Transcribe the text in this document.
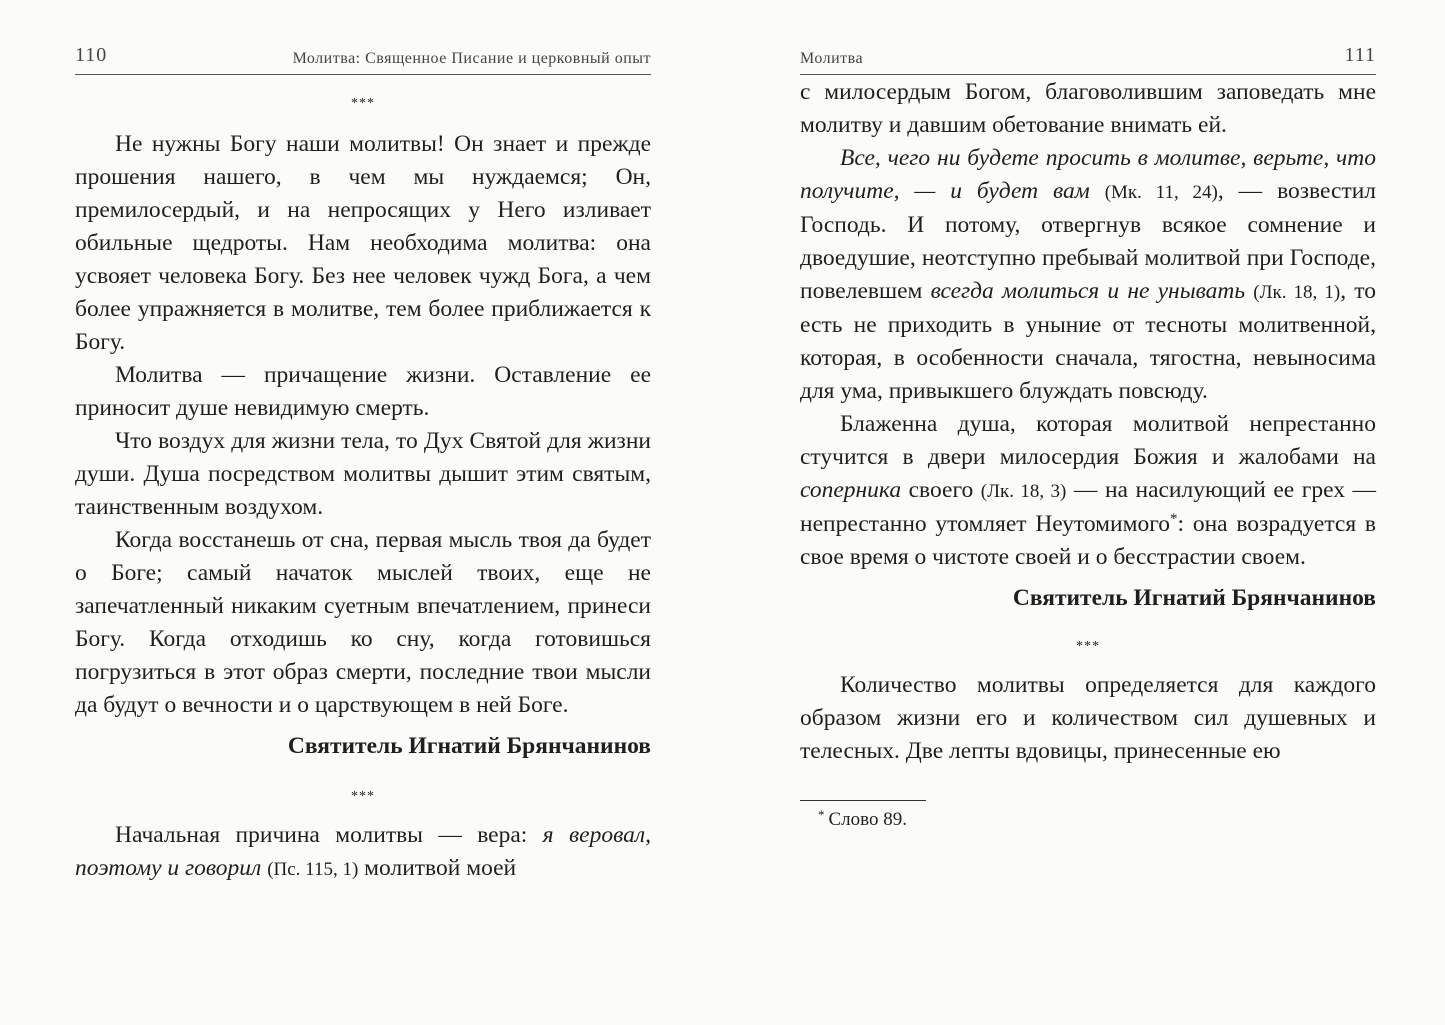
110	Молитва: Священное Писание и церковный опыт
***

Не нужны Богу наши молитвы! Он знает и прежде прошения нашего, в чем мы нуждаемся; Он, премилосердый, и на непросящих у Него изливает обильные щедроты. Нам необходима молитва: она усвояет человека Богу. Без нее человек чужд Бога, а чем более упражняется в молитве, тем более приближается к Богу.

Молитва — причащение жизни. Оставление ее приносит душе невидимую смерть.

Что воздух для жизни тела, то Дух Святой для жизни души. Душа посредством молитвы дышит этим святым, таинственным воздухом.

Когда восстанешь от сна, первая мысль твоя да будет о Боге; самый начаток мыслей твоих, еще не запечатленный никаким суетным впечатлением, принеси Богу. Когда отходишь ко сну, когда готовишься погрузиться в этот образ смерти, последние твои мысли да будут о вечности и о царствующем в ней Боге.

Святитель Игнатий Брянчанинов
***

Начальная причина молитвы — вера: я веровал, поэтому и говорил (Пс. 115, 1) молитвой моей

Молитва	111

с милосердым Богом, благоволившим заповедать мне молитву и давшим обетование внимать ей.

Все, чего ни будете просить в молитве, верьте, что получите, — и будет вам (Мк. 11, 24), — возвестил Господь. И потому, отвергнув всякое сомнение и двоедушие, неотступно пребывай молитвой при Господе, повелевшем всегда молиться и не унывать (Лк. 18, 1), то есть не приходить в уныние от тесноты молитвенной, которая, в особенности сначала, тягостна, невыносима для ума, привыкшего блуждать повсюду.

Блаженна душа, которая молитвой непрестанно стучится в двери милосердия Божия и жалобами на соперника своего (Лк. 18, 3) — на насилующий ее грех — непрестанно утомляет Неутомимого*: она возрадуется в свое время о чистоте своей и о бесстрастии своем.

Святитель Игнатий Брянчанинов
***

Количество молитвы определяется для каждого образом жизни его и количеством сил душевных и телесных. Две лепты вдовицы, принесенные ею

* Слово 89.
